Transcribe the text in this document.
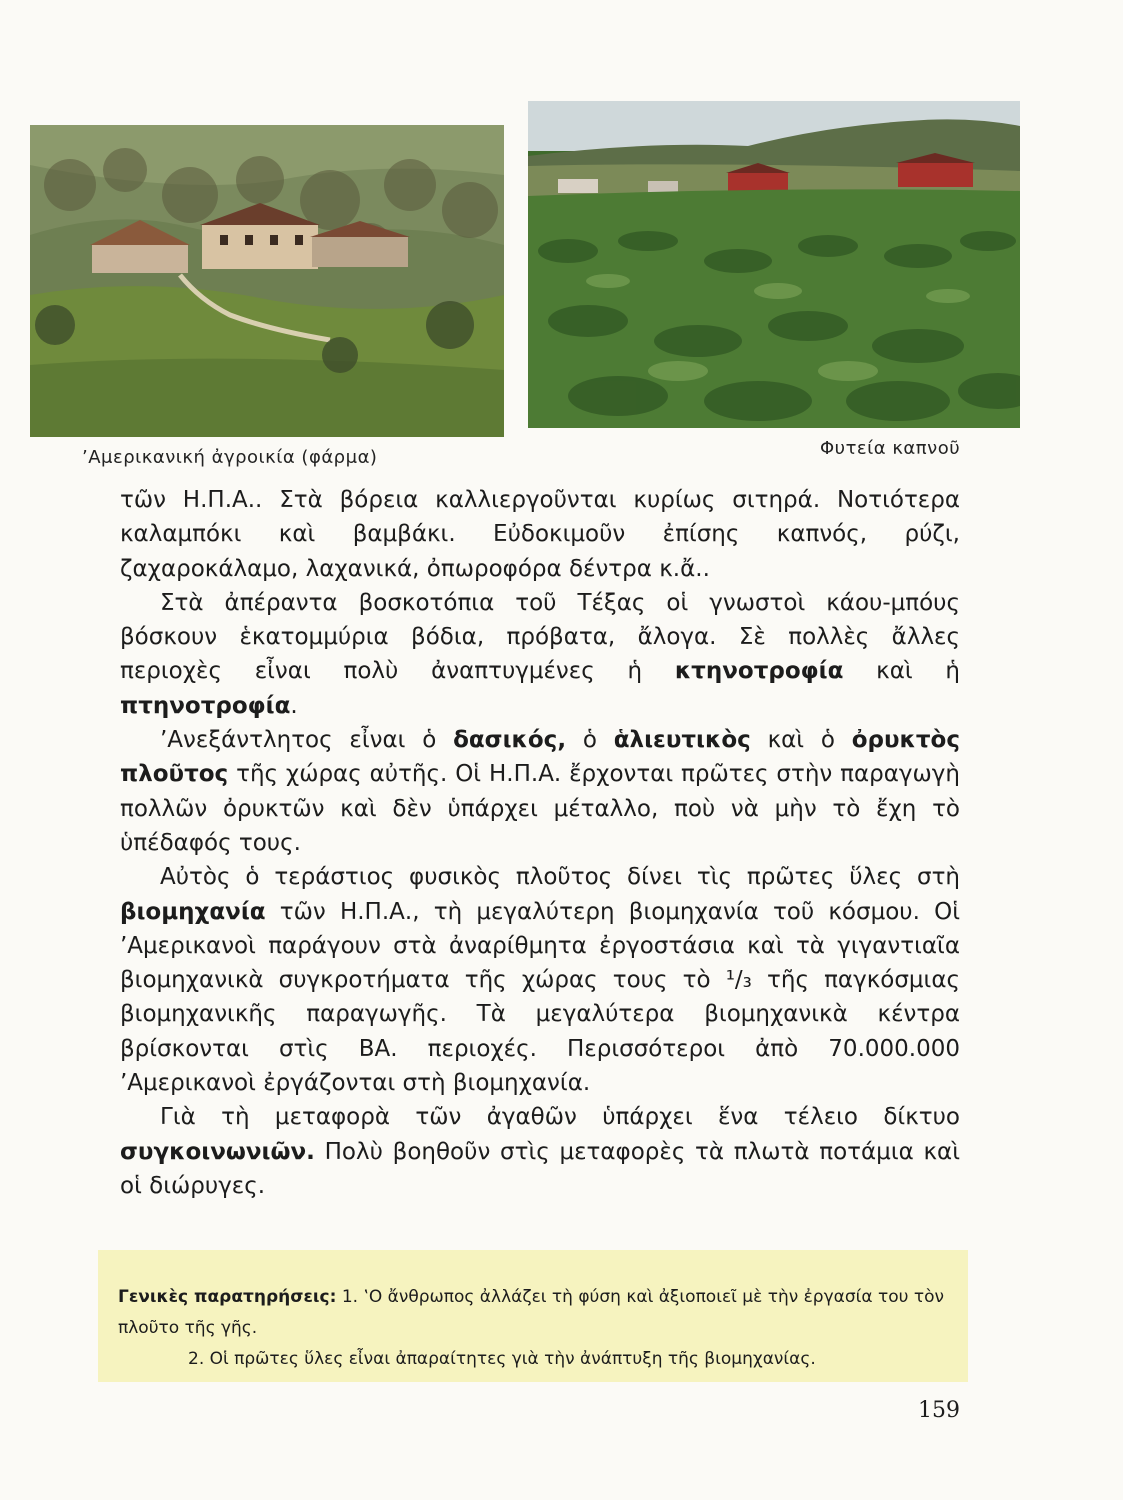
’Αμερικανική ἀγροικία (φάρμα)	Φυτεία καπνοῦ

τῶν Η.Π.Α.. Στὰ βόρεια καλλιεργοῦνται κυρίως σιτηρά. Νοτιότερα καλαμπόκι καὶ βαμβάκι. Εὐδοκιμοῦν ἐπίσης καπνός, ρύζι, ζαχαροκάλαμο, λαχανικά, ὀπωροφόρα δέντρα κ.ἄ..

Στὰ ἀπέραντα βοσκοτόπια τοῦ Τέξας οἱ γνωστοὶ κάου-μπόυς βόσκουν ἑκατομμύρια βόδια, πρόβατα, ἄλογα. Σὲ πολλὲς ἄλλες περιοχὲς εἶναι πολὺ ἀναπτυγμένες ἡ κτηνοτροφία καὶ ἡ πτηνοτροφία.

’Ανεξάντλητος εἶναι ὁ δασικός, ὁ ἁλιευτικὸς καὶ ὁ ὀρυκτὸς πλοῦτος τῆς χώρας αὐτῆς. Οἱ Η.Π.Α. ἔρχονται πρῶτες στὴν παραγωγὴ πολλῶν ὀρυκτῶν καὶ δὲν ὑπάρχει μέταλλο, ποὺ νὰ μὴν τὸ ἔχη τὸ ὑπέδαφός τους.

Αὐτὸς ὁ τεράστιος φυσικὸς πλοῦτος δίνει τὶς πρῶτες ὕλες στὴ βιομηχανία τῶν Η.Π.Α., τὴ μεγαλύτερη βιομηχανία τοῦ κόσμου. Οἱ ’Αμερικανοὶ παράγουν στὰ ἀναρίθμητα ἐργοστάσια καὶ τὰ γιγαντιαῖα βιομηχανικὰ συγκροτήματα τῆς χώρας τους τὸ ¹/₃ τῆς παγκόσμιας βιομηχανικῆς παραγωγῆς. Τὰ μεγαλύτερα βιομηχανικὰ κέντρα βρίσκονται στὶς ΒΑ. περιοχές. Περισσότεροι ἀπὸ 70.000.000 ’Αμερικανοὶ ἐργάζονται στὴ βιομηχανία.

Γιὰ τὴ μεταφορὰ τῶν ἀγαθῶν ὑπάρχει ἕνα τέλειο δίκτυο συγκοινωνιῶν. Πολὺ βοηθοῦν στὶς μεταφορὲς τὰ πλωτὰ ποτάμια καὶ οἱ διώρυγες.

Γενικὲς παρατηρήσεις: 1. ‛Ο ἄνθρωπος ἀλλάζει τὴ φύση καὶ ἀξιοποιεῖ μὲ τὴν ἐργασία του τὸν πλοῦτο τῆς γῆς.
2. Οἱ πρῶτες ὕλες εἶναι ἀπαραίτητες γιὰ τὴν ἀνάπτυξη τῆς βιομηχανίας.
159
